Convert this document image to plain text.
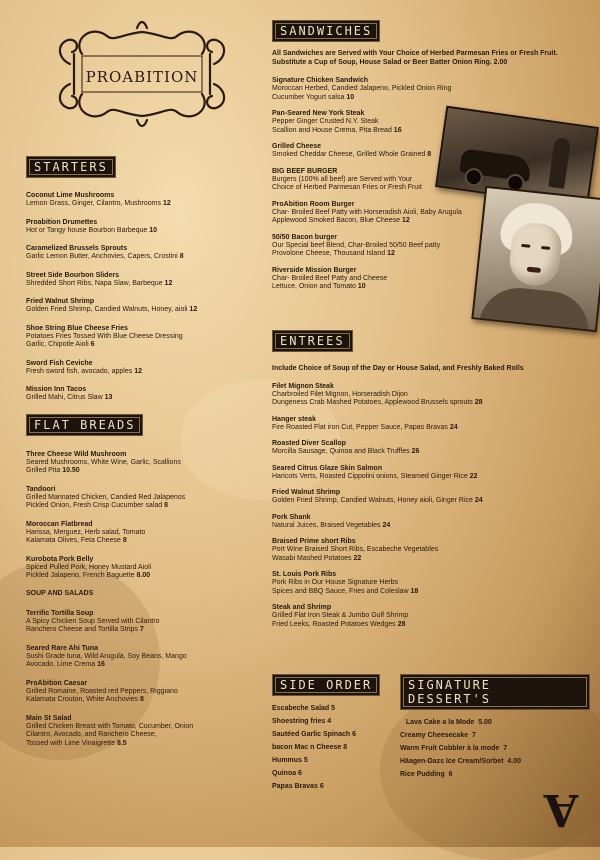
PROABITION
STARTERS
Coconut Lime Mushrooms
Lemon Grass, Ginger, Cilantro, Mushrooms 12
Proabition Drumettes
Hot or Tangy house Bourbon Barbeque 10
Caramelized Brussels Sprouts
Garlic Lemon Butter, Anchovies, Capers, Crostini 8
Street Side Bourbon Sliders
Shredded Short Ribs, Napa Slaw, Barbeque 12
Fried Walnut Shrimp
Golden Fried Shrimp, Candied Walnuts, Honey, aioli 12
Shoe String Blue Cheese Fries
Potatoes Fries Tossed With Blue Cheese Dressing
Garlic, Chipotle Aioli 6
Sword Fish Ceviche
Fresh sword fish, avocado, apples 12
Mission Inn Tacos
Grilled Mahi, Citrus Slaw 13
FLAT BREADS
Three Cheese Wild Mushroom
Seared Mushrooms, White Wine, Garlic, Scallions
Grilled Pita 10.50
Tandoori
Grilled Marinated Chicken, Candied Red Jalapenos
Pickled Onion, Fresh Crisp Cucumber salad 8
Moroccan Flatbread
Harissa, Merguez, Herb salad, Tomato
Kalamata Olives, Feta Cheese 8
Kurobota Pork Belly
Spiced Pulled Pork, Honey Mustard Aioli
Pickled Jalapeno, French Baguette 8.00
SOUP AND SALADS
Terrific Tortilla Soup
A Spicy Chicken Soup Served with Cilantro
Ranchero Cheese and Tortilla Strips 7
Seared Rare Ahi Tuna
Sushi Grade tuna, Wild Arugula, Soy Beans, Mango
Avocado, Lime Crema 16
ProAbition Caesar
Grilled Romaine, Roasted red Peppers, Riggiano
Kalamata Crouton, White Anchovies 8
Main St Salad
Grilled Chicken Breast with Tomato, Cucumber, Onion
Cilantro, Avocado, and Ranchero Cheese,
Tossed with Lime Vinaigrette 8.5
SANDWICHES
All Sandwiches are Served with Your Choice of Herbed Parmesan Fries or Fresh Fruit.
Substitute a Cup of Soup, House Salad or Beer Batter Onion Ring. 2.00
Signature Chicken Sandwich
Moroccan Herbed, Candied Jalapeno, Pickled Onion Ring
Cucumber Yogurt salsa 10
Pan-Seared New York Steak
Pepper Ginger Crusted N.Y. Steak
Scallion and House Crema, Pita Bread 16
Grilled Cheese
Smoked Cheddar Cheese, Grilled Whole Grained 8
BIG BEEF BURGER
Burgers (100% all beef) are Served with Your
Choice of Herbed Parmesan Fries or Fresh Fruit
ProAbition Room Burger
Char- Broiled Beef Patty with Horseradish Aioli, Baby Arugula
Applewood Smoked Bacon, Blue Cheese 12
50/50 Bacon burger
Our Special beef Blend, Char-Broiled 50/50 Beef patty
Provolone Cheese, Thousand Island 12
Riverside Mission Burger
Char- Broiled Beef Patty and Cheese
Lettuce, Onion and Tomato 10
ENTREES
Include Choice of Soup of the Day or House Salad, and Freshly Baked Rolls
Filet Mignon Steak
Charbroiled Filet Mignon, Horseradish Dijon
Dungeness Crab Mashed Potatoes, Applewood Brussels sprouts 28
Hanger steak
Fire Roasted Flat iron Cut, Pepper Sauce, Papas Bravas 24
Roasted Diver Scallop
Morcilla Sausage, Quinoa and Black Truffles 26
Seared Citrus Glaze Skin Salmon
Haricots Verts, Roasted Cippolini onions, Steamed Ginger Rice 22
Fried Walnut Shrimp
Golden Fried Shrimp, Candied Walnuts, Honey aioli, Ginger Rice 24
Pork Shank
Natural Juices, Braised Vegetables 24
Braised Prime short Ribs
Port Wine Braised Short Ribs, Escabeche Vegetables
Wasabi Mashed Potatoes 22
St. Louis Pork Ribs
Pork Ribs in Our House Signature Herbs
Spices and BBQ Sauce, Fries and Coleslaw 18
Steak and Shrimp
Grilled Flat Iron Steak & Jumbo Gulf Shrimp
Fried Leeks, Roasted Potatoes Wedges 28
SIDE ORDER
Escabeche Salad 5
Shoestring fries 4
Sautéed Garlic Spinach 6
bacon Mac n Cheese 8
Hummus 5
Quinoa 6
Papas Bravas 6
SIGNATURE DESSERT'S
Lava Cake a la Mode  5.00
Creamy Cheesecake  7
Warm Fruit Cobbler à la mode  7
Häagen-Dazs Ice Cream/Sorbet  4.00
Rice Pudding  6
A
